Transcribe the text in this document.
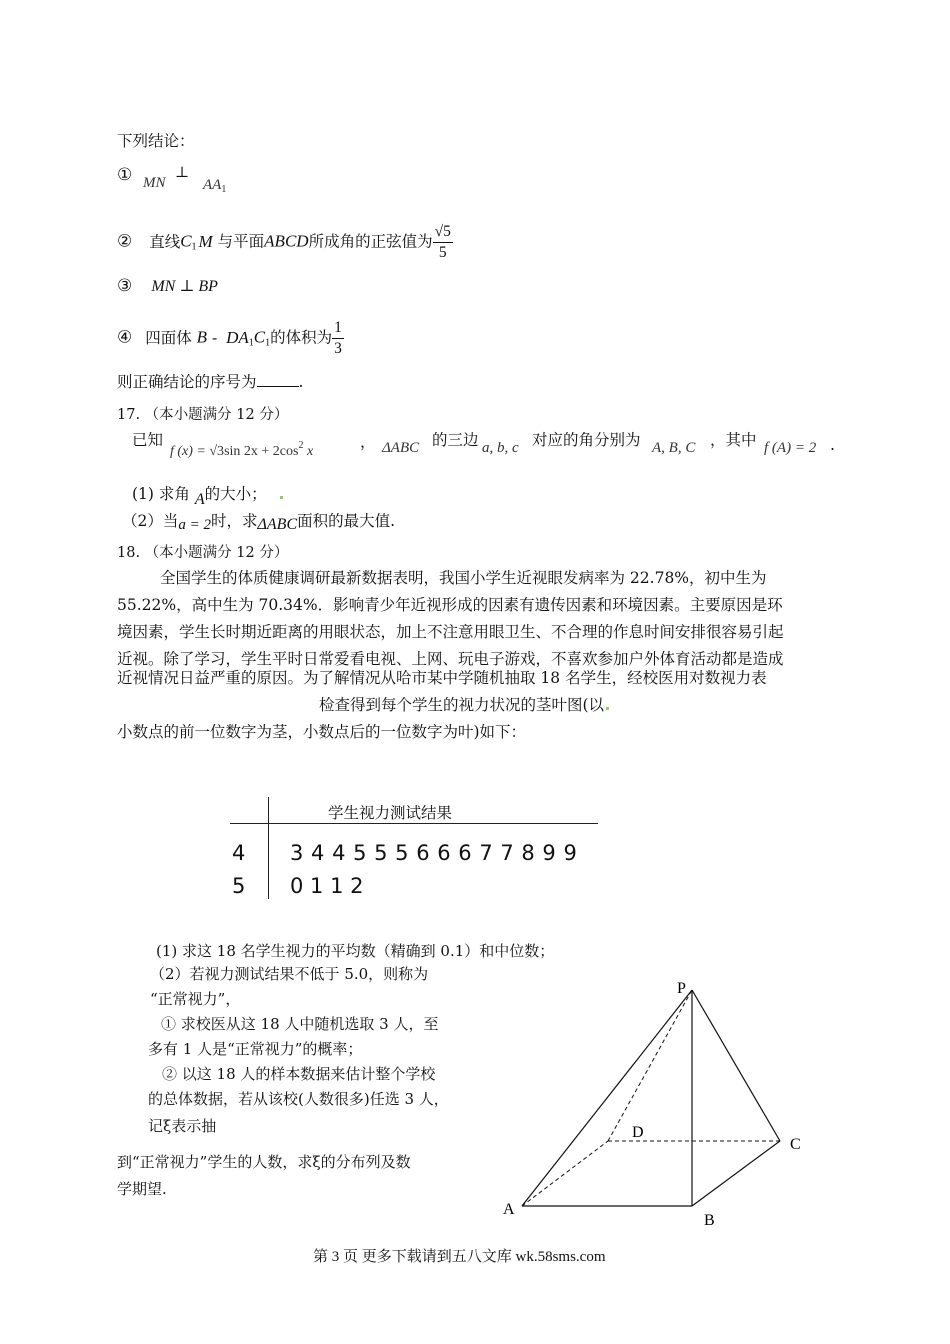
下列结论：
① MN
⊥
$AA_1$
② 直线$C_1$ M 与平面ABCD所成角的正弦值为 $\frac{√5}{5}$
③ MN ⊥ BP
④ 四面体 B - $DA_1C_1$的体积为 $\frac{1}{3}$
则正确结论的序号为	.
17. （本小题满分 12 分）
已知
f (x) = √3sin $2x + 2\cos^2$ x
， ΔABC 的三边 a, b, c 对应的角分别为 A, B, C ，其中 f (A) = 2 .
(1) 求角 A的大小；
（2）当a = 2时，求ΔABC面积的最大值.
18. （本小题满分 12 分）
全国学生的体质健康调研最新数据表明，我国小学生近视眼发病率为 22.78%，初中生为
55.22%，高中生为 70.34%．影响青少年近视形成的因素有遗传因素和环境因素。主要原因是环
境因素，学生长时期近距离的用眼状态，加上不注意用眼卫生、不合理的作息时间安排很容易引起
近视。除了学习，学生平时日常爱看电视、上网、玩电子游戏，不喜欢参加户外体育活动都是造成
近视情况日益严重的原因。为了解情况从哈市某中学随机抽取 18 名学生，经校医用对数视力表
检查得到每个学生的视力状况的茎叶图(以
小数点的前一位数字为茎，小数点后的一位数字为叶)如下：
学生视力测试结果
4 3 4 4 5 5 5 6 6 6 7 7 8 9 9
5 0 1 1 2
(1) 求这 18 名学生视力的平均数（精确到 0.1）和中位数；
（2）若视力测试结果不低于 5.0，则称为
“正常视力”，
① 求校医从这 18 人中随机选取 3 人，至
多有 1 人是“正常视力”的概率；
② 以这 18 人的样本数据来估计整个学校
的总体数据，若从该校(人数很多)任选 3 人，
记ξ表示抽
到“正常视力”学生的人数，求ξ的分布列及数
学期望.
P
A
B
C
D
第 3 页 更多下载请到五八文库 wk.58sms.com
